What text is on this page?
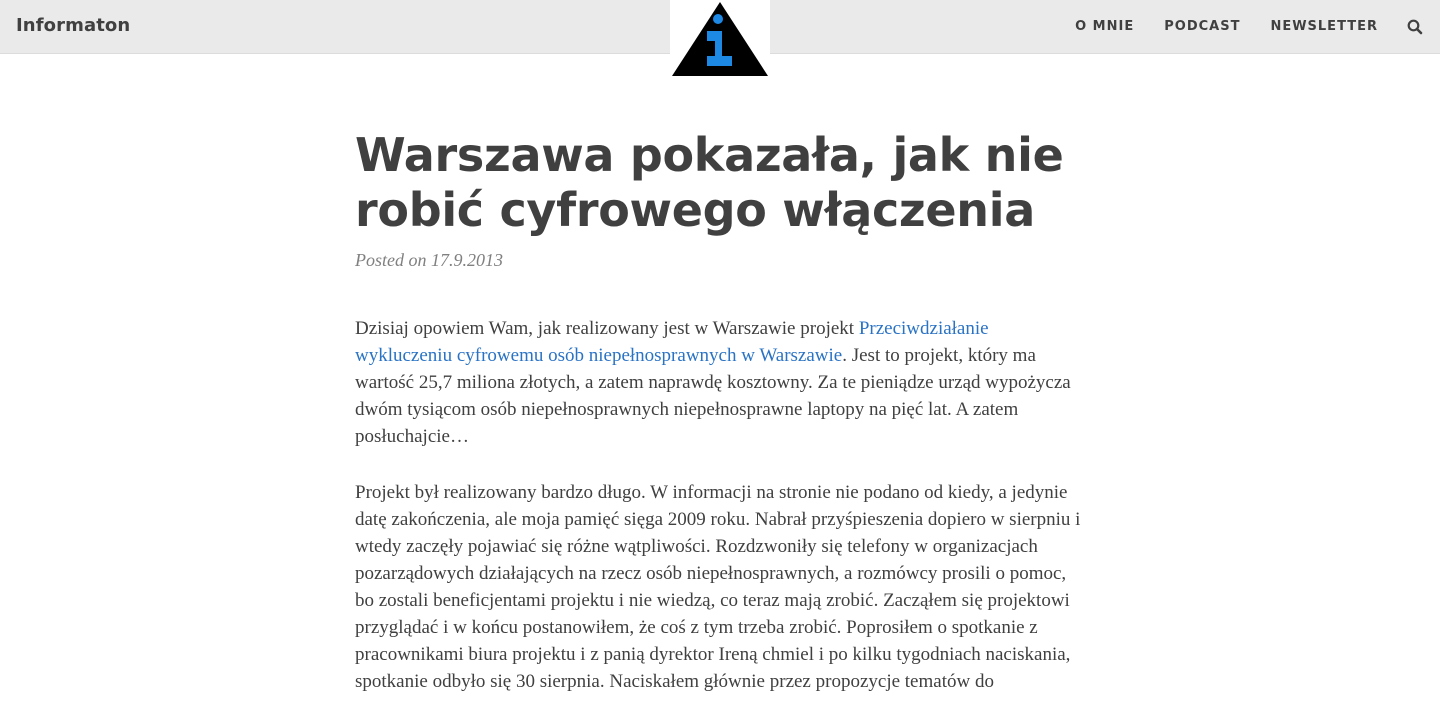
Informaton	O MNIE PODCAST NEWSLETTER
Warszawa pokazała, jak nie robić cyfrowego włączenia
Posted on 17.9.2013

Dzisiaj opowiem Wam, jak realizowany jest w Warszawie projekt Przeciwdziałanie wykluczeniu cyfrowemu osób niepełnosprawnych w Warszawie. Jest to projekt, który ma wartość 25,7 miliona złotych, a zatem naprawdę kosztowny. Za te pieniądze urząd wypożycza dwóm tysiącom osób niepełnosprawnych niepełnosprawne laptopy na pięć lat. A zatem posłuchajcie…

Projekt był realizowany bardzo długo. W informacji na stronie nie podano od kiedy, a jedynie datę zakończenia, ale moja pamięć sięga 2009 roku. Nabrał przyśpieszenia dopiero w sierpniu i wtedy zaczęły pojawiać się różne wątpliwości. Rozdzwoniły się telefony w organizacjach pozarządowych działających na rzecz osób niepełnosprawnych, a rozmówcy prosili o pomoc, bo zostali beneficjentami projektu i nie wiedzą, co teraz mają zrobić. Zacząłem się projektowi przyglądać i w końcu postanowiłem, że coś z tym trzeba zrobić. Poprosiłem o spotkanie z pracownikami biura projektu i z panią dyrektor Ireną chmiel i po kilku tygodniach naciskania, spotkanie odbyło się 30 sierpnia. Naciskałem głównie przez propozycje tematów do
